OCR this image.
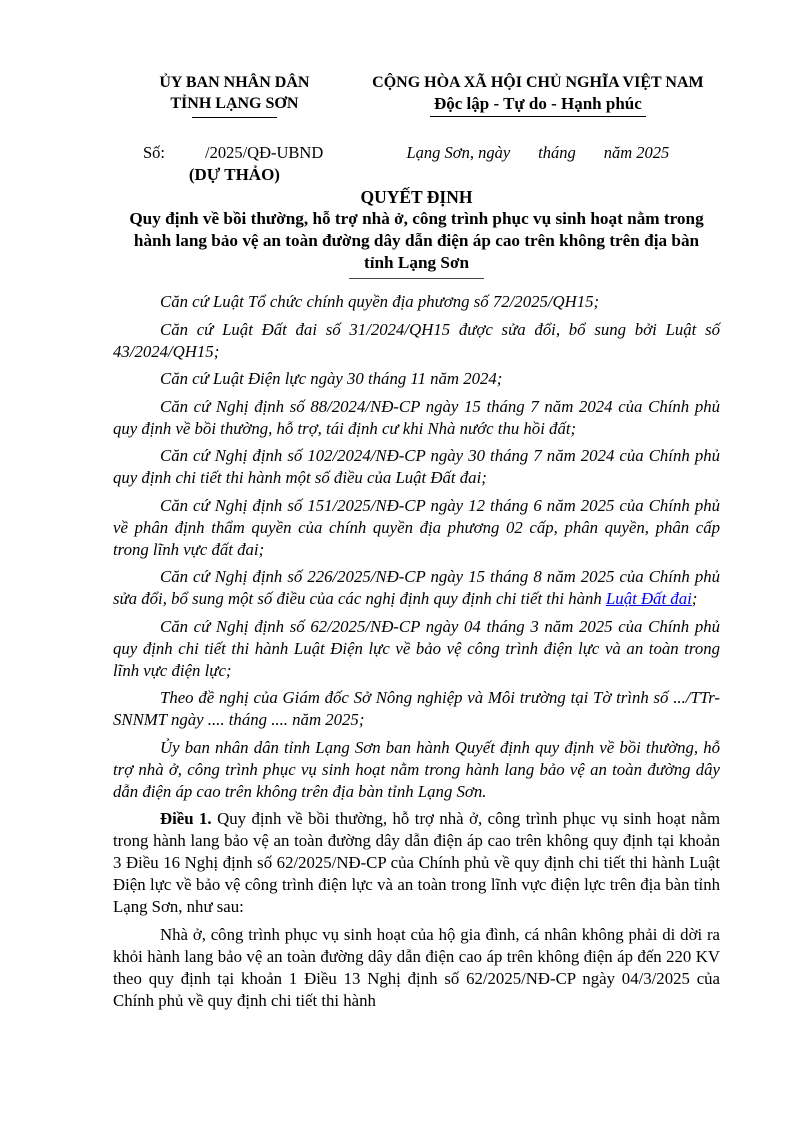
ỦY BAN NHÂN DÂN
TỈNH LẠNG SƠN
CỘNG HÒA XÃ HỘI CHỦ NGHĨA VIỆT NAM
Độc lập - Tự do - Hạnh phúc
Số: /2025/QĐ-UBND	Lạng Sơn, ngày tháng năm 2025
(DỰ THẢO)
QUYẾT ĐỊNH
Quy định về bồi thường, hỗ trợ nhà ở, công trình phục vụ sinh hoạt nằm trong hành lang bảo vệ an toàn đường dây dẫn điện áp cao trên không trên địa bàn tỉnh Lạng Sơn

Căn cứ Luật Tổ chức chính quyền địa phương số 72/2025/QH15;

Căn cứ Luật Đất đai số 31/2024/QH15 được sửa đổi, bổ sung bởi Luật số 43/2024/QH15;

Căn cứ Luật Điện lực ngày 30 tháng 11 năm 2024;

Căn cứ Nghị định số 88/2024/NĐ-CP ngày 15 tháng 7 năm 2024 của Chính phủ quy định về bồi thường, hỗ trợ, tái định cư khi Nhà nước thu hồi đất;

Căn cứ Nghị định số 102/2024/NĐ-CP ngày 30 tháng 7 năm 2024 của Chính phủ quy định chi tiết thi hành một số điều của Luật Đất đai;

Căn cứ Nghị định số 151/2025/NĐ-CP ngày 12 tháng 6 năm 2025 của Chính phủ về phân định thẩm quyền của chính quyền địa phương 02 cấp, phân quyền, phân cấp trong lĩnh vực đất đai;

Căn cứ Nghị định số 226/2025/NĐ-CP ngày 15 tháng 8 năm 2025 của Chính phủ sửa đổi, bổ sung một số điều của các nghị định quy định chi tiết thi hành Luật Đất đai;

Căn cứ Nghị định số 62/2025/NĐ-CP ngày 04 tháng 3 năm 2025 của Chính phủ quy định chi tiết thi hành Luật Điện lực về bảo vệ công trình điện lực và an toàn trong lĩnh vực điện lực;

Theo đề nghị của Giám đốc Sở Nông nghiệp và Môi trường tại Tờ trình số .../TTr-SNNMT ngày .... tháng .... năm 2025;

Ủy ban nhân dân tỉnh Lạng Sơn ban hành Quyết định quy định về bồi thường, hỗ trợ nhà ở, công trình phục vụ sinh hoạt nằm trong hành lang bảo vệ an toàn đường dây dẫn điện áp cao trên không trên địa bàn tỉnh Lạng Sơn.

Điều 1. Quy định về bồi thường, hỗ trợ nhà ở, công trình phục vụ sinh hoạt nằm trong hành lang bảo vệ an toàn đường dây dẫn điện áp cao trên không quy định tại khoản 3 Điều 16 Nghị định số 62/2025/NĐ-CP của Chính phủ về quy định chi tiết thi hành Luật Điện lực về bảo vệ công trình điện lực và an toàn trong lĩnh vực điện lực trên địa bàn tỉnh Lạng Sơn, như sau:

Nhà ở, công trình phục vụ sinh hoạt của hộ gia đình, cá nhân không phải di dời ra khỏi hành lang bảo vệ an toàn đường dây dẫn điện cao áp trên không điện áp đến 220 KV theo quy định tại khoản 1 Điều 13 Nghị định số 62/2025/NĐ-CP ngày 04/3/2025 của Chính phủ về quy định chi tiết thi hành
